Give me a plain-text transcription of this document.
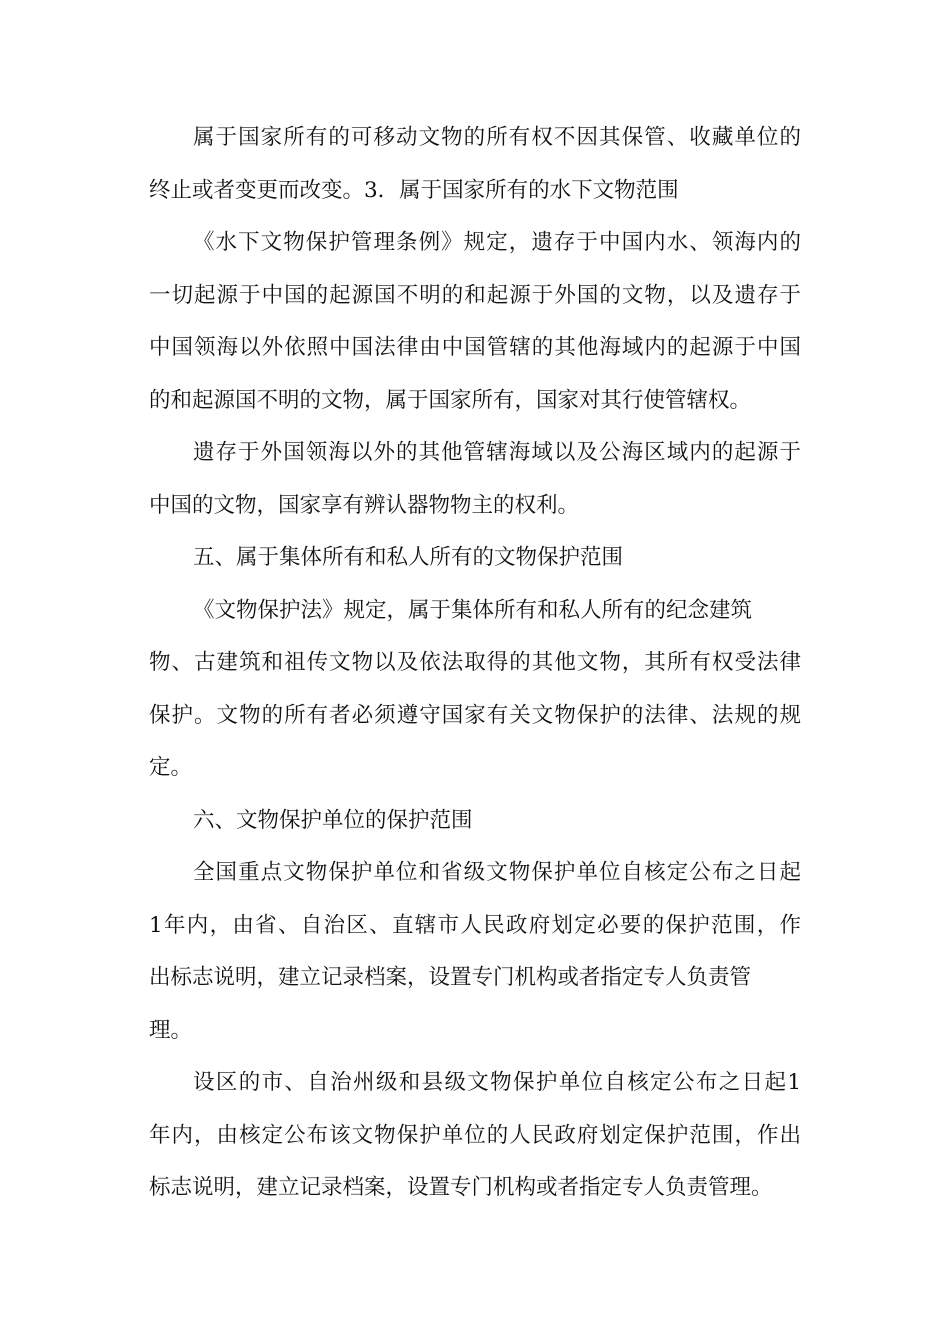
属于国家所有的可移动文物的所有权不因其保管、收藏单位的
终止或者变更而改变。3．属于国家所有的水下文物范围
《水下文物保护管理条例》规定，遗存于中国内水、领海内的
一切起源于中国的起源国不明的和起源于外国的文物，以及遗存于
中国领海以外依照中国法律由中国管辖的其他海域内的起源于中国
的和起源国不明的文物，属于国家所有，国家对其行使管辖权。
遗存于外国领海以外的其他管辖海域以及公海区域内的起源于
中国的文物，国家享有辨认器物物主的权利。
五、属于集体所有和私人所有的文物保护范围
《文物保护法》规定，属于集体所有和私人所有的纪念建筑
物、古建筑和祖传文物以及依法取得的其他文物，其所有权受法律
保护。文物的所有者必须遵守国家有关文物保护的法律、法规的规
定。
六、文物保护单位的保护范围
全国重点文物保护单位和省级文物保护单位自核定公布之日起
1年内，由省、自治区、直辖市人民政府划定必要的保护范围，作
出标志说明，建立记录档案，设置专门机构或者指定专人负责管
理。
设区的市、自治州级和县级文物保护单位自核定公布之日起1
年内，由核定公布该文物保护单位的人民政府划定保护范围，作出
标志说明，建立记录档案，设置专门机构或者指定专人负责管理。
